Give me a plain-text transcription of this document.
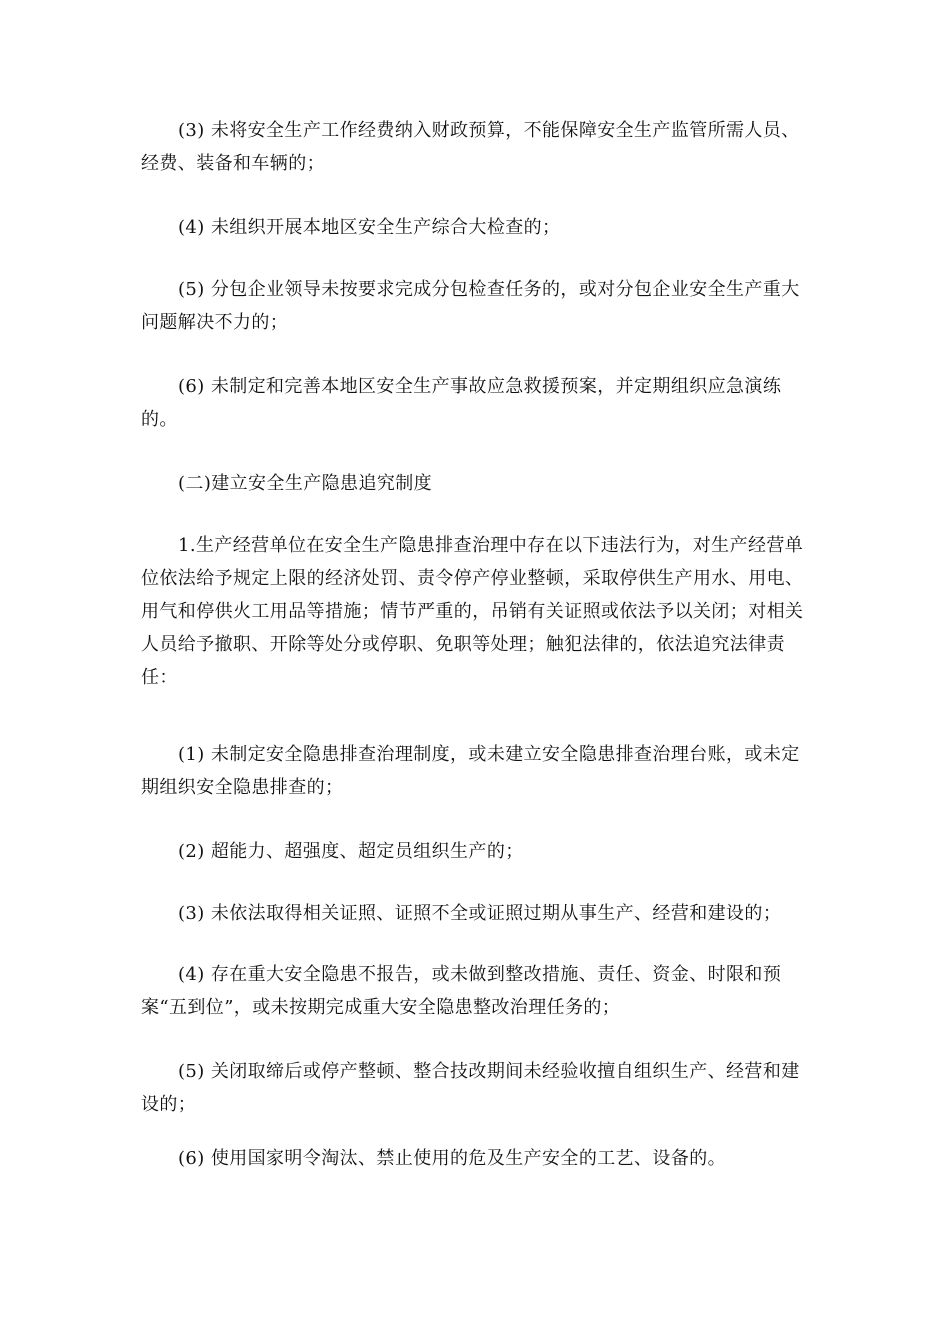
(3) 未将安全生产工作经费纳入财政预算，不能保障安全生产监管所需人员、经费、装备和车辆的；

(4) 未组织开展本地区安全生产综合大检查的；

(5) 分包企业领导未按要求完成分包检查任务的，或对分包企业安全生产重大问题解决不力的；

(6) 未制定和完善本地区安全生产事故应急救援预案，并定期组织应急演练的。

(二)建立安全生产隐患追究制度

1.生产经营单位在安全生产隐患排查治理中存在以下违法行为，对生产经营单位依法给予规定上限的经济处罚、责令停产停业整顿，采取停供生产用水、用电、用气和停供火工用品等措施；情节严重的，吊销有关证照或依法予以关闭；对相关人员给予撤职、开除等处分或停职、免职等处理；触犯法律的，依法追究法律责任：

(1) 未制定安全隐患排查治理制度，或未建立安全隐患排查治理台账，或未定期组织安全隐患排查的；

(2) 超能力、超强度、超定员组织生产的；

(3) 未依法取得相关证照、证照不全或证照过期从事生产、经营和建设的；

(4) 存在重大安全隐患不报告，或未做到整改措施、责任、资金、时限和预案“五到位”，或未按期完成重大安全隐患整改治理任务的；

(5) 关闭取缔后或停产整顿、整合技改期间未经验收擅自组织生产、经营和建设的；

(6) 使用国家明令淘汰、禁止使用的危及生产安全的工艺、设备的。
